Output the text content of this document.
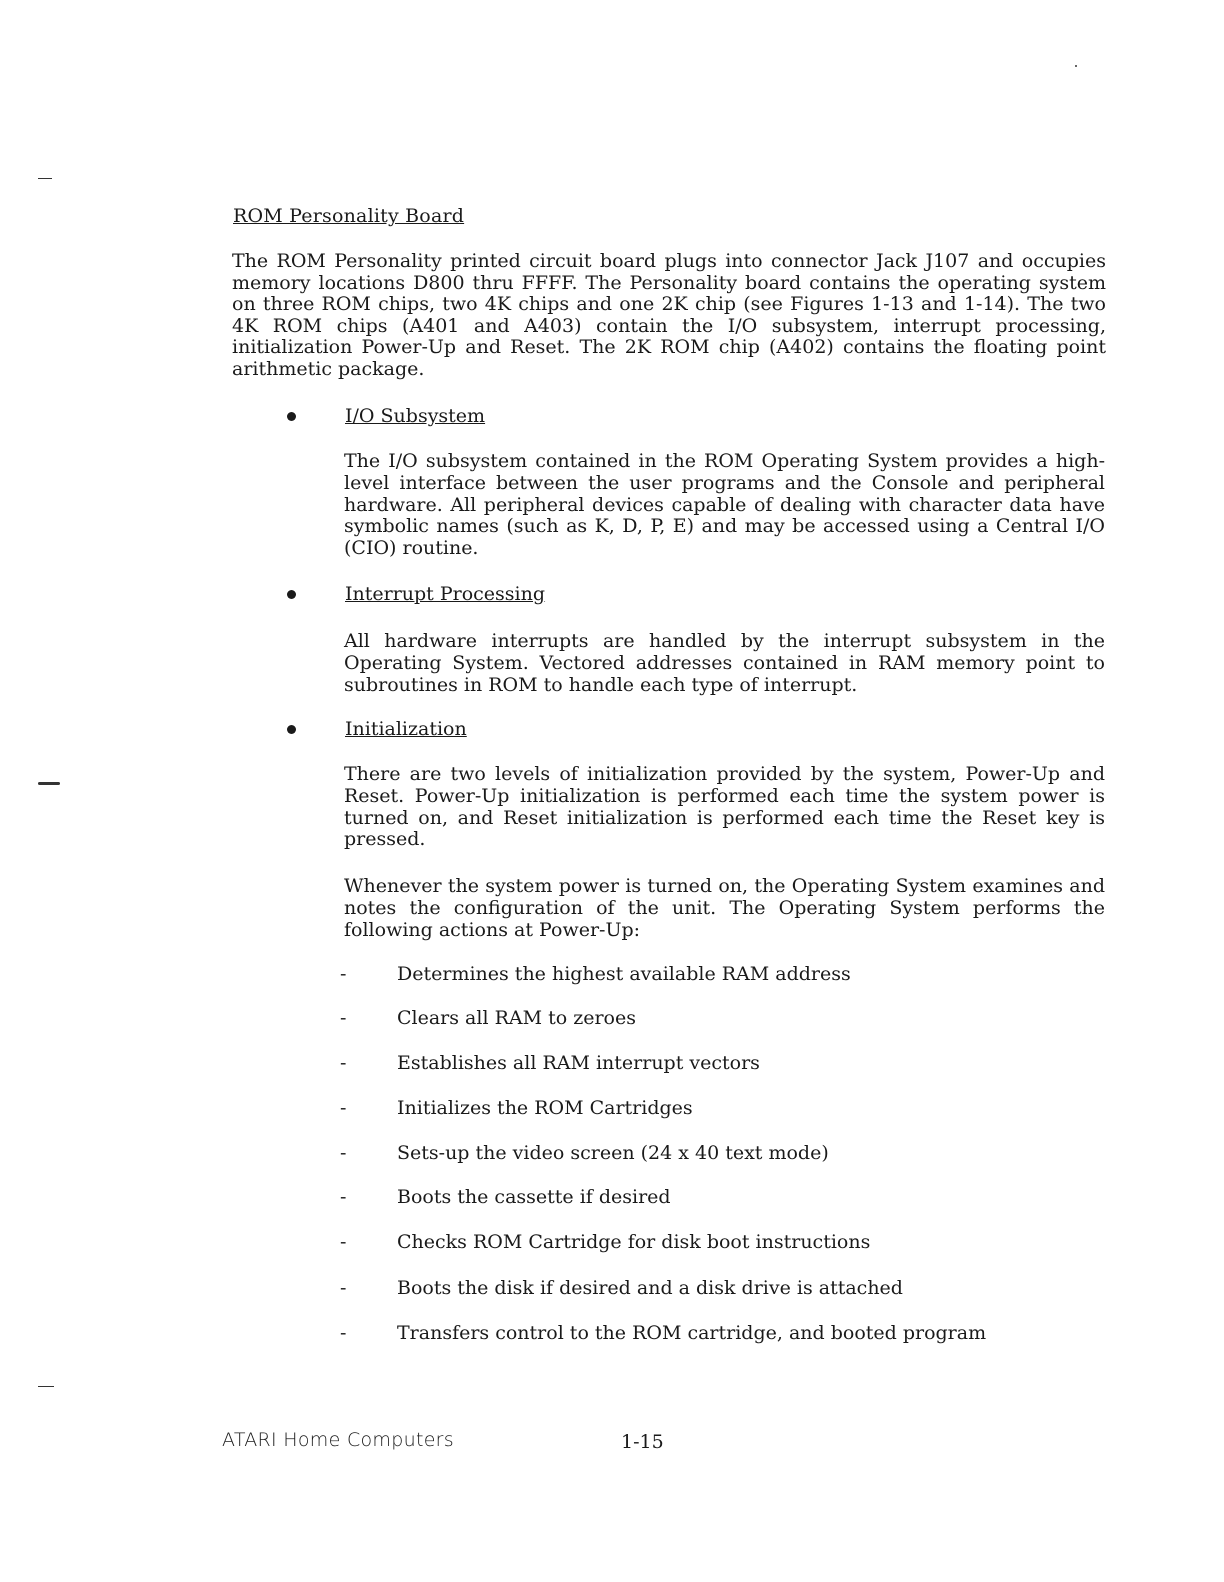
ROM Personality Board

The ROM Personality printed circuit board plugs into connector Jack J107 and occupies memory locations D800 thru FFFF. The Personality board contains the operating system on three ROM chips, two 4K chips and one 2K chip (see Figures 1-13 and 1-14). The two 4K ROM chips (A401 and A403) contain the I/O subsystem, interrupt processing, initialization Power-Up and Reset. The 2K ROM chip (A402) contains the floating point arithmetic package.

I/O Subsystem

The I/O subsystem contained in the ROM Operating System provides a high-level interface between the user programs and the Console and peripheral hardware. All peripheral devices capable of dealing with character data have symbolic names (such as K, D, P, E) and may be accessed using a Central I/O (CIO) routine.

Interrupt Processing

All hardware interrupts are handled by the interrupt subsystem in the Operating System. Vectored addresses contained in RAM memory point to subroutines in ROM to handle each type of interrupt.

Initialization

There are two levels of initialization provided by the system, Power-Up and Reset. Power-Up initialization is performed each time the system power is turned on, and Reset initialization is performed each time the Reset key is pressed.

Whenever the system power is turned on, the Operating System examines and notes the configuration of the unit. The Operating System performs the following actions at Power-Up:

-	Determines the highest available RAM address
-	Clears all RAM to zeroes
-	Establishes all RAM interrupt vectors
-	Initializes the ROM Cartridges
-	Sets-up the video screen (24 x 40 text mode)
-	Boots the cassette if desired
-	Checks ROM Cartridge for disk boot instructions
-	Boots the disk if desired and a disk drive is attached
-	Transfers control to the ROM cartridge, and booted program
ATARI Home Computers	1-15
